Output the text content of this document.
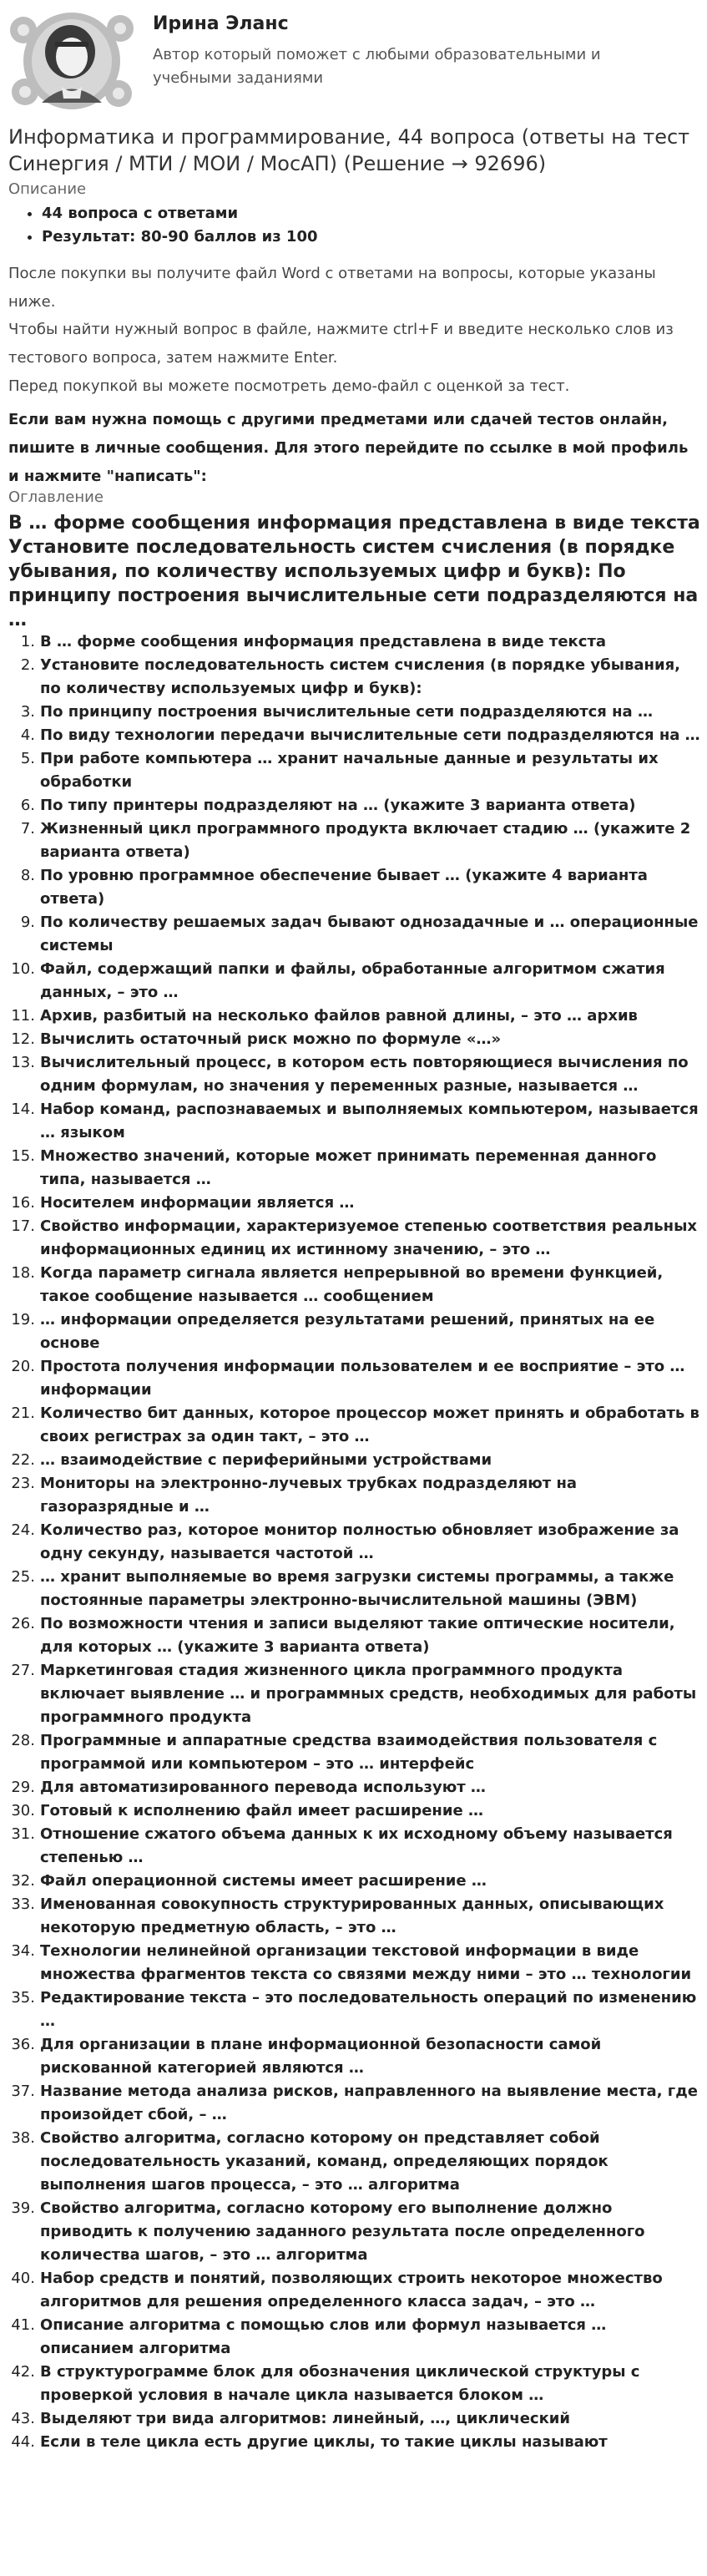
Ирина Эланс
Автор который поможет с любыми образовательными и учебными заданиями
Информатика и программирование, 44 вопроса (ответы на тест Синергия / МТИ / МОИ / МосАП) (Решение → 92696)
Описание
• 44 вопроса с ответами
• Результат: 80-90 баллов из 100
После покупки вы получите файл Word с ответами на вопросы, которые указаны ниже.
Чтобы найти нужный вопрос в файле, нажмите ctrl+F и введите несколько слов из тестового вопроса, затем нажмите Enter.
Перед покупкой вы можете посмотреть демо-файл с оценкой за тест.
Если вам нужна помощь с другими предметами или сдачей тестов онлайн, пишите в личные сообщения. Для этого перейдите по ссылке в мой профиль и нажмите "написать":
Оглавление
В … форме сообщения информация представлена в виде текста Установите последовательность систем счисления (в порядке убывания, по количеству используемых цифр и букв): По принципу построения вычислительные сети подразделяются на …
1. В … форме сообщения информация представлена в виде текста
2. Установите последовательность систем счисления (в порядке убывания, по количеству используемых цифр и букв):
3. По принципу построения вычислительные сети подразделяются на …
4. По виду технологии передачи вычислительные сети подразделяются на …
5. При работе компьютера … хранит начальные данные и результаты их обработки
6. По типу принтеры подразделяют на … (укажите 3 варианта ответа)
7. Жизненный цикл программного продукта включает стадию … (укажите 2 варианта ответа)
8. По уровню программное обеспечение бывает … (укажите 4 варианта ответа)
9. По количеству решаемых задач бывают однозадачные и … операционные системы
10. Файл, содержащий папки и файлы, обработанные алгоритмом сжатия данных, – это …
11. Архив, разбитый на несколько файлов равной длины, – это … архив
12. Вычислить остаточный риск можно по формуле «…»
13. Вычислительный процесс, в котором есть повторяющиеся вычисления по одним формулам, но значения у переменных разные, называется …
14. Набор команд, распознаваемых и выполняемых компьютером, называется … языком
15. Множество значений, которые может принимать переменная данного типа, называется …
16. Носителем информации является …
17. Свойство информации, характеризуемое степенью соответствия реальных информационных единиц их истинному значению, – это …
18. Когда параметр сигнала является непрерывной во времени функцией, такое сообщение называется … сообщением
19. … информации определяется результатами решений, принятых на ее основе
20. Простота получения информации пользователем и ее восприятие – это … информации
21. Количество бит данных, которое процессор может принять и обработать в своих регистрах за один такт, – это …
22. … взаимодействие с периферийными устройствами
23. Мониторы на электронно-лучевых трубках подразделяют на газоразрядные и …
24. Количество раз, которое монитор полностью обновляет изображение за одну секунду, называется частотой …
25. … хранит выполняемые во время загрузки системы программы, а также постоянные параметры электронно-вычислительной машины (ЭВМ)
26. По возможности чтения и записи выделяют такие оптические носители, для которых … (укажите 3 варианта ответа)
27. Маркетинговая стадия жизненного цикла программного продукта включает выявление … и программных средств, необходимых для работы программного продукта
28. Программные и аппаратные средства взаимодействия пользователя с программой или компьютером – это … интерфейс
29. Для автоматизированного перевода используют …
30. Готовый к исполнению файл имеет расширение …
31. Отношение сжатого объема данных к их исходному объему называется степенью …
32. Файл операционной системы имеет расширение …
33. Именованная совокупность структурированных данных, описывающих некоторую предметную область, – это …
34. Технологии нелинейной организации текстовой информации в виде множества фрагментов текста со связями между ними – это … технологии
35. Редактирование текста – это последовательность операций по изменению …
36. Для организации в плане информационной безопасности самой рискованной категорией являются …
37. Название метода анализа рисков, направленного на выявление места, где произойдет сбой, – …
38. Свойство алгоритма, согласно которому он представляет собой последовательность указаний, команд, определяющих порядок выполнения шагов процесса, – это … алгоритма
39. Свойство алгоритма, согласно которому его выполнение должно приводить к получению заданного результата после определенного количества шагов, – это … алгоритма
40. Набор средств и понятий, позволяющих строить некоторое множество алгоритмов для решения определенного класса задач, – это …
41. Описание алгоритма с помощью слов или формул называется … описанием алгоритма
42. В структурограмме блок для обозначения циклической структуры с проверкой условия в начале цикла называется блоком …
43. Выделяют три вида алгоритмов: линейный, …, циклический
44. Если в теле цикла есть другие циклы, то такие циклы называют
